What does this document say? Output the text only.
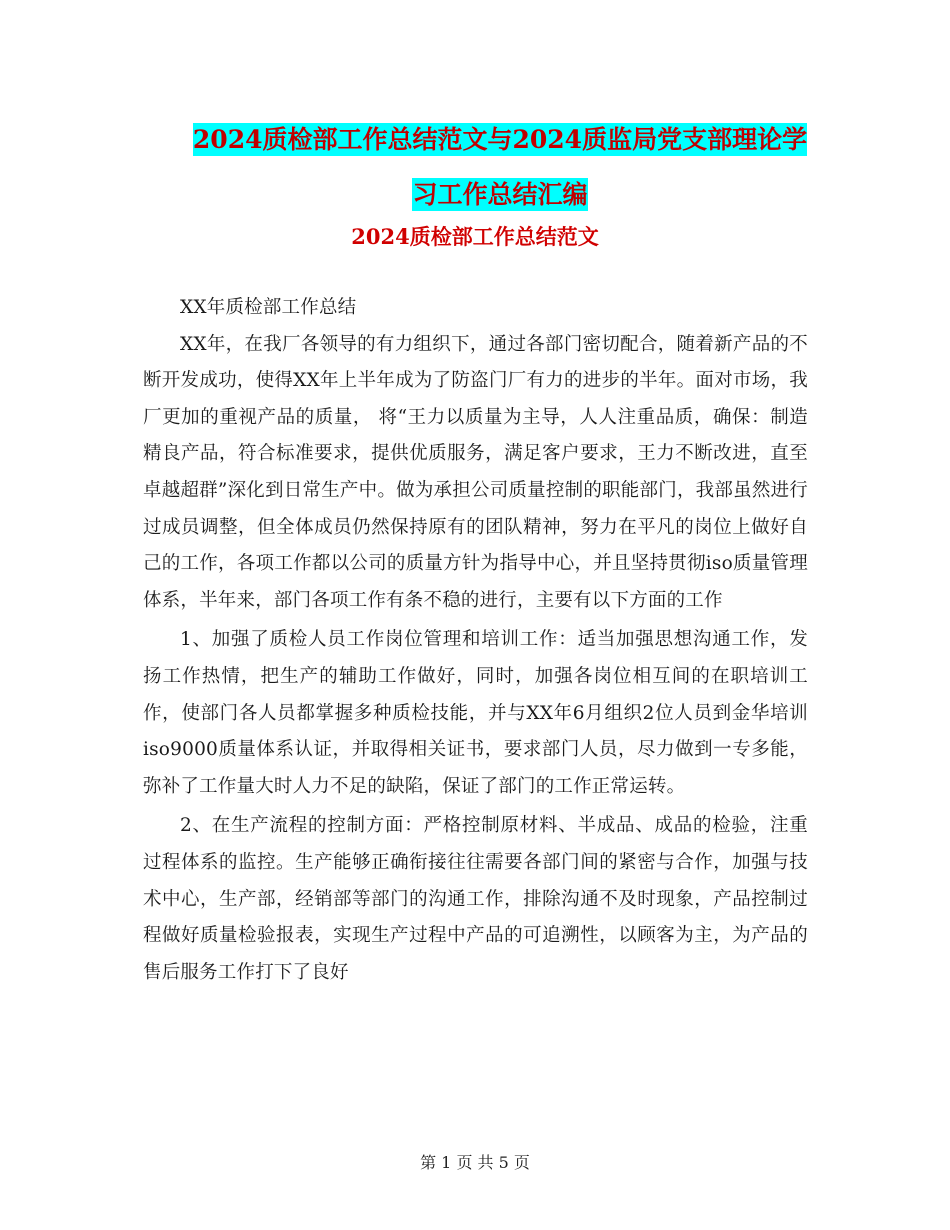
2024质检部工作总结范文与2024质监局党支部理论学
习工作总结汇编
2024质检部工作总结范文

XX年质检部工作总结

XX年，在我厂各领导的有力组织下，通过各部门密切配合，随着新产品的不断开发成功，使得XX年上半年成为了防盗门厂有力的进步的半年。面对市场，我厂更加的重视产品的质量， 将“王力以质量为主导，人人注重品质，确保：制造精良产品，符合标准要求，提供优质服务，满足客户要求，王力不断改进，直至卓越超群”深化到日常生产中。做为承担公司质量控制的职能部门，我部虽然进行过成员调整，但全体成员仍然保持原有的团队精神，努力在平凡的岗位上做好自己的工作，各项工作都以公司的质量方针为指导中心，并且坚持贯彻iso质量管理体系，半年来，部门各项工作有条不稳的进行，主要有以下方面的工作

1、加强了质检人员工作岗位管理和培训工作：适当加强思想沟通工作，发扬工作热情，把生产的辅助工作做好，同时，加强各岗位相互间的在职培训工作，使部门各人员都掌握多种质检技能，并与XX年6月组织2位人员到金华培训iso9000质量体系认证，并取得相关证书，要求部门人员，尽力做到一专多能，弥补了工作量大时人力不足的缺陷，保证了部门的工作正常运转。

2、在生产流程的控制方面：严格控制原材料、半成品、成品的检验，注重过程体系的监控。生产能够正确衔接往往需要各部门间的紧密与合作，加强与技术中心，生产部，经销部等部门的沟通工作，排除沟通不及时现象，产品控制过程做好质量检验报表，实现生产过程中产品的可追溯性，以顾客为主，为产品的售后服务工作打下了良好

第 1 页 共 5 页
